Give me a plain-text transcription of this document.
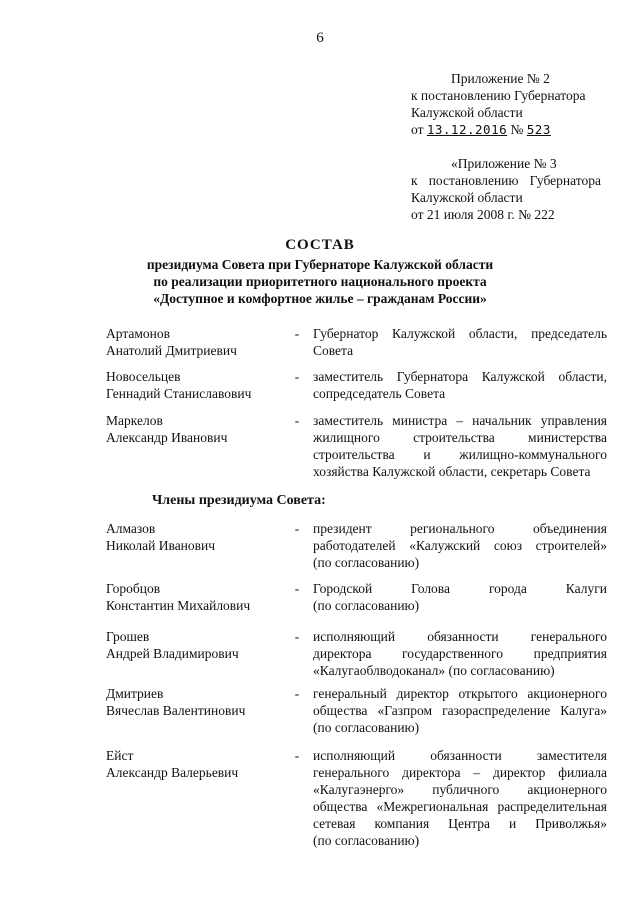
6
Приложение № 2
к постановлению Губернатора
Калужской области
от 13.12.2016 № 523
«Приложение № 3
к постановлению Губернатора
Калужской области
от 21 июля 2008 г. № 222
СОСТАВ
президиума Совета при Губернаторе Калужской области
по реализации приоритетного национального проекта
«Доступное и комфортное жилье – гражданам России»
Артамонов
Анатолий Дмитриевич
- Губернатор Калужской области, председатель
Совета
Новосельцев
Геннадий Станиславович
- заместитель Губернатора Калужской области,
сопредседатель Совета
Маркелов
Александр Иванович
- заместитель министра – начальник управления
жилищного строительства министерства
строительства и жилищно-коммунального
хозяйства Калужской области, секретарь Совета
Алмазов
Николай Иванович
- президент регионального объединения
работодателей «Калужский союз строителей»
(по согласованию)
Горобцов
Константин Михайлович
- Городской Голова города Калуги
(по согласованию)
Грошев
Андрей Владимирович
- исполняющий обязанности генерального
директора государственного предприятия
«Калугаоблводоканал» (по согласованию)
Дмитриев
Вячеслав Валентинович
- генеральный директор открытого акционерного
общества «Газпром газораспределение Калуга»
(по согласованию)
Ейст
Александр Валерьевич
- исполняющий обязанности заместителя
генерального директора – директор филиала
«Калугаэнерго» публичного акционерного
общества «Межрегиональная распределительная
сетевая компания Центра и Приволжья»
(по согласованию)
Члены президиума Совета:
